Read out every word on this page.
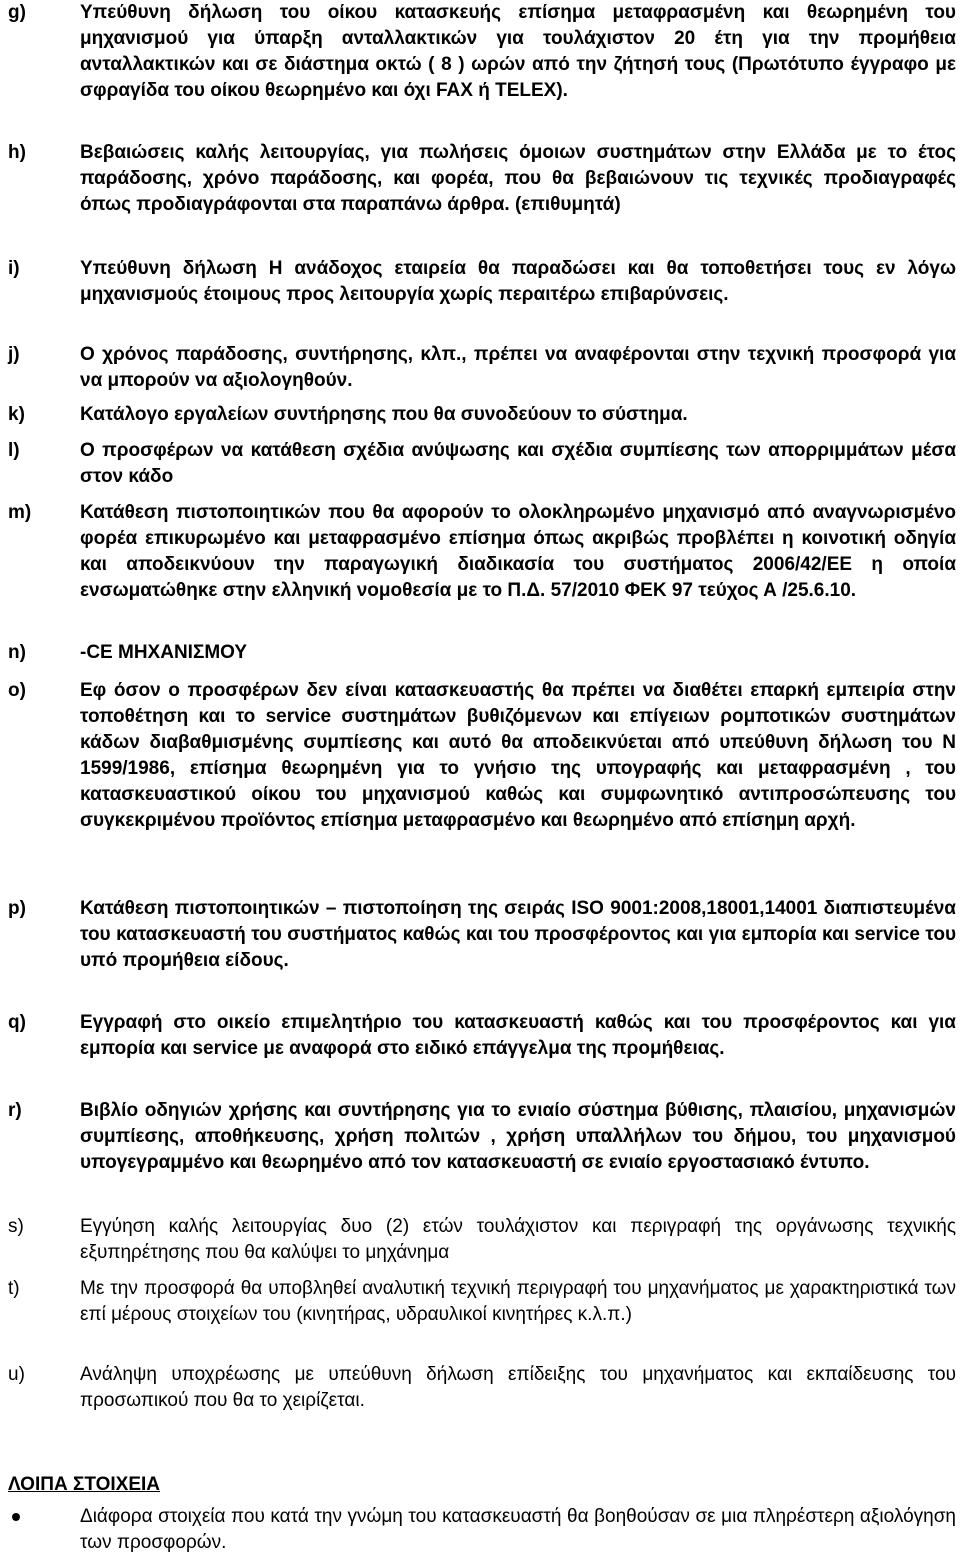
g)	Υπεύθυνη δήλωση του οίκου κατασκευής επίσημα μεταφρασμένη και θεωρημένη του μηχανισμού για ύπαρξη ανταλλακτικών για τουλάχιστον 20 έτη για την προμήθεια ανταλλακτικών και σε διάστημα οκτώ ( 8 ) ωρών από την ζήτησή τους (Πρωτότυπο έγγραφο με σφραγίδα του οίκου θεωρημένο και όχι FAX ή TELEX).
h)	Βεβαιώσεις καλής λειτουργίας, για πωλήσεις όμοιων συστημάτων στην Ελλάδα με το έτος παράδοσης, χρόνο παράδοσης, και φορέα, που θα βεβαιώνουν τις τεχνικές προδιαγραφές όπως προδιαγράφονται στα παραπάνω άρθρα. (επιθυμητά)
i)	Υπεύθυνη δήλωση Η ανάδοχος εταιρεία θα παραδώσει και θα τοποθετήσει τους εν λόγω μηχανισμούς έτοιμους προς λειτουργία χωρίς περαιτέρω επιβαρύνσεις.
j)	Ο χρόνος παράδοσης, συντήρησης, κλπ., πρέπει να αναφέρονται στην τεχνική προσφορά για να μπορούν να αξιολογηθούν.
k)	Κατάλογο εργαλείων συντήρησης που θα συνοδεύουν το σύστημα.
l)	Ο προσφέρων να κατάθεση σχέδια ανύψωσης και σχέδια συμπίεσης των απορριμμάτων μέσα στον κάδο
m)	Κατάθεση πιστοποιητικών που θα αφορούν το ολοκληρωμένο μηχανισμό από αναγνωρισμένο φορέα επικυρωμένο και μεταφρασμένο επίσημα όπως ακριβώς προβλέπει η κοινοτική οδηγία και αποδεικνύουν την παραγωγική διαδικασία του συστήματος 2006/42/ΕΕ η οποία ενσωματώθηκε στην ελληνική νομοθεσία με το Π.Δ. 57/2010 ΦΕΚ 97 τεύχος Α /25.6.10.
n)	-CE ΜΗΧΑΝΙΣΜΟΥ
o)	Εφ όσον ο προσφέρων δεν είναι κατασκευαστής θα πρέπει να διαθέτει επαρκή εμπειρία στην τοποθέτηση και το service συστημάτων βυθιζόμενων και επίγειων ρομποτικών συστημάτων κάδων διαβαθμισμένης συμπίεσης και αυτό θα αποδεικνύεται από υπεύθυνη δήλωση του Ν 1599/1986, επίσημα θεωρημένη για το γνήσιο της υπογραφής και μεταφρασμένη , του κατασκευαστικού οίκου του μηχανισμού καθώς και συμφωνητικό αντιπροσώπευσης του συγκεκριμένου προϊόντος επίσημα μεταφρασμένο και θεωρημένο από επίσημη αρχή.
p)	Κατάθεση πιστοποιητικών – πιστοποίηση της σειράς ISO 9001:2008,18001,14001 διαπιστευμένα του κατασκευαστή του συστήματος καθώς και του προσφέροντος και για εμπορία και service του υπό προμήθεια είδους.
q)	Εγγραφή στο οικείο επιμελητήριο του κατασκευαστή καθώς και του προσφέροντος και για εμπορία και service με αναφορά στο ειδικό επάγγελμα της προμήθειας.
r)	Βιβλίο οδηγιών χρήσης και συντήρησης για το ενιαίο σύστημα βύθισης, πλαισίου, μηχανισμών συμπίεσης, αποθήκευσης, χρήση πολιτών , χρήση υπαλλήλων του δήμου, του μηχανισμού υπογεγραμμένο και θεωρημένο από τον κατασκευαστή σε ενιαίο εργοστασιακό έντυπο.
s)	Εγγύηση καλής λειτουργίας δυο (2) ετών τουλάχιστον και περιγραφή της οργάνωσης τεχνικής εξυπηρέτησης που θα καλύψει το μηχάνημα
t)	Με την προσφορά θα υποβληθεί αναλυτική τεχνική περιγραφή του μηχανήματος με χαρακτηριστικά των επί μέρους στοιχείων του (κινητήρας, υδραυλικοί κινητήρες κ.λ.π.)
u)	Ανάληψη υποχρέωσης με υπεύθυνη δήλωση επίδειξης του μηχανήματος και εκπαίδευσης του προσωπικού που θα το χειρίζεται.
ΛΟΙΠΑ ΣΤΟΙΧΕΙΑ
Διάφορα στοιχεία που κατά την γνώμη του κατασκευαστή θα βοηθούσαν σε μια πληρέστερη αξιολόγηση των προσφορών.
